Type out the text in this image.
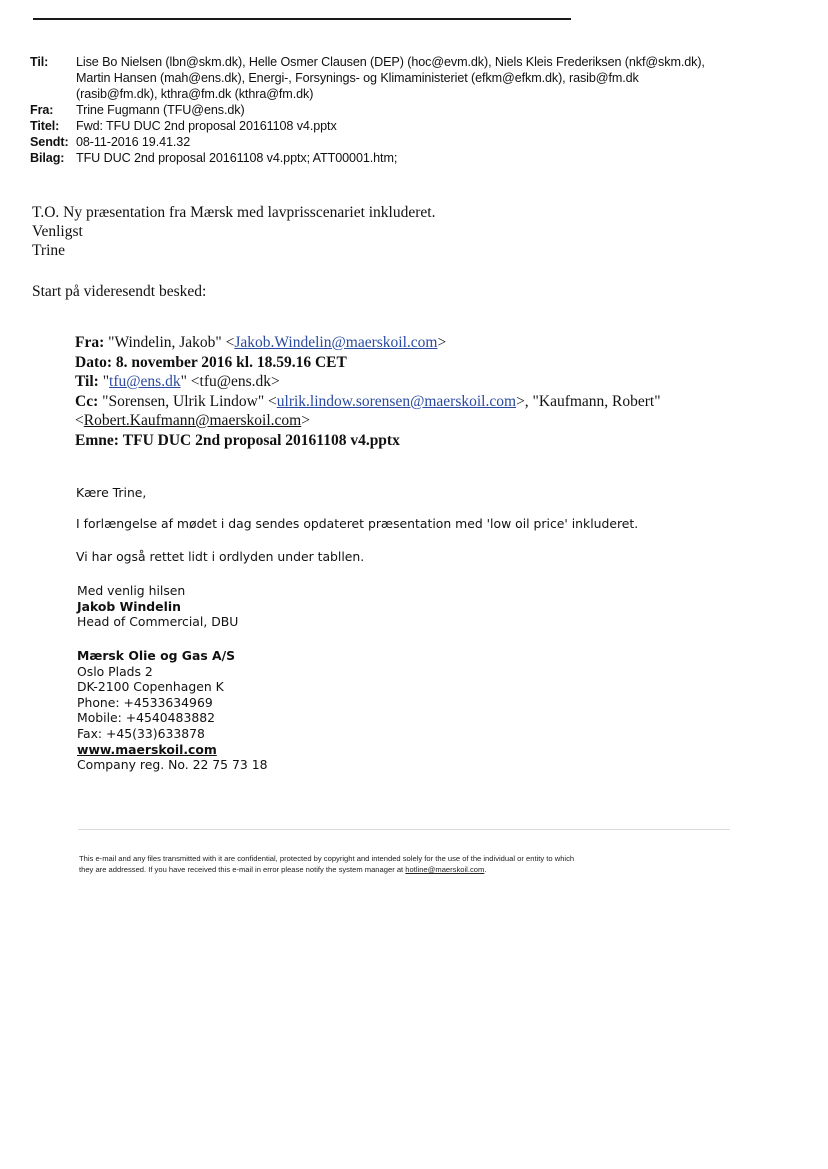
Til: Lise Bo Nielsen (lbn@skm.dk), Helle Osmer Clausen (DEP) (hoc@evm.dk), Niels Kleis Frederiksen (nkf@skm.dk),
Martin Hansen (mah@ens.dk), Energi-, Forsynings- og Klimaministeriet (efkm@efkm.dk), rasib@fm.dk
(rasib@fm.dk), kthra@fm.dk (kthra@fm.dk)
Fra: Trine Fugmann (TFU@ens.dk)
Titel: Fwd: TFU DUC 2nd proposal 20161108 v4.pptx
Sendt: 08-11-2016 19.41.32
Bilag: TFU DUC 2nd proposal 20161108 v4.pptx; ATT00001.htm;
T.O. Ny præsentation fra Mærsk med lavprisscenariet inkluderet.
Venligst
Trine
Start på videresendt besked:
Fra: "Windelin, Jakob" <Jakob.Windelin@maerskoil.com>
Dato: 8. november 2016 kl. 18.59.16 CET
Til: "tfu@ens.dk" <tfu@ens.dk>
Cc: "Sorensen, Ulrik Lindow" <ulrik.lindow.sorensen@maerskoil.com>, "Kaufmann, Robert"
<Robert.Kaufmann@maerskoil.com>
Emne: TFU DUC 2nd proposal 20161108 v4.pptx
Kære Trine,
I forlængelse af mødet i dag sendes opdateret præsentation med 'low oil price' inkluderet.
Vi har også rettet lidt i ordlyden under tabllen.
Med venlig hilsen
Jakob Windelin
Head of Commercial, DBU
Mærsk Olie og Gas A/S
Oslo Plads 2
DK-2100 Copenhagen K
Phone: +4533634969
Mobile: +4540483882
Fax: +45(33)633878
www.maerskoil.com
Company reg. No. 22 75 73 18
This e-mail and any files transmitted with it are confidential, protected by copyright and intended solely for the use of the individual or entity to which
they are addressed. If you have received this e-mail in error please notify the system manager at hotline@maerskoil.com.
